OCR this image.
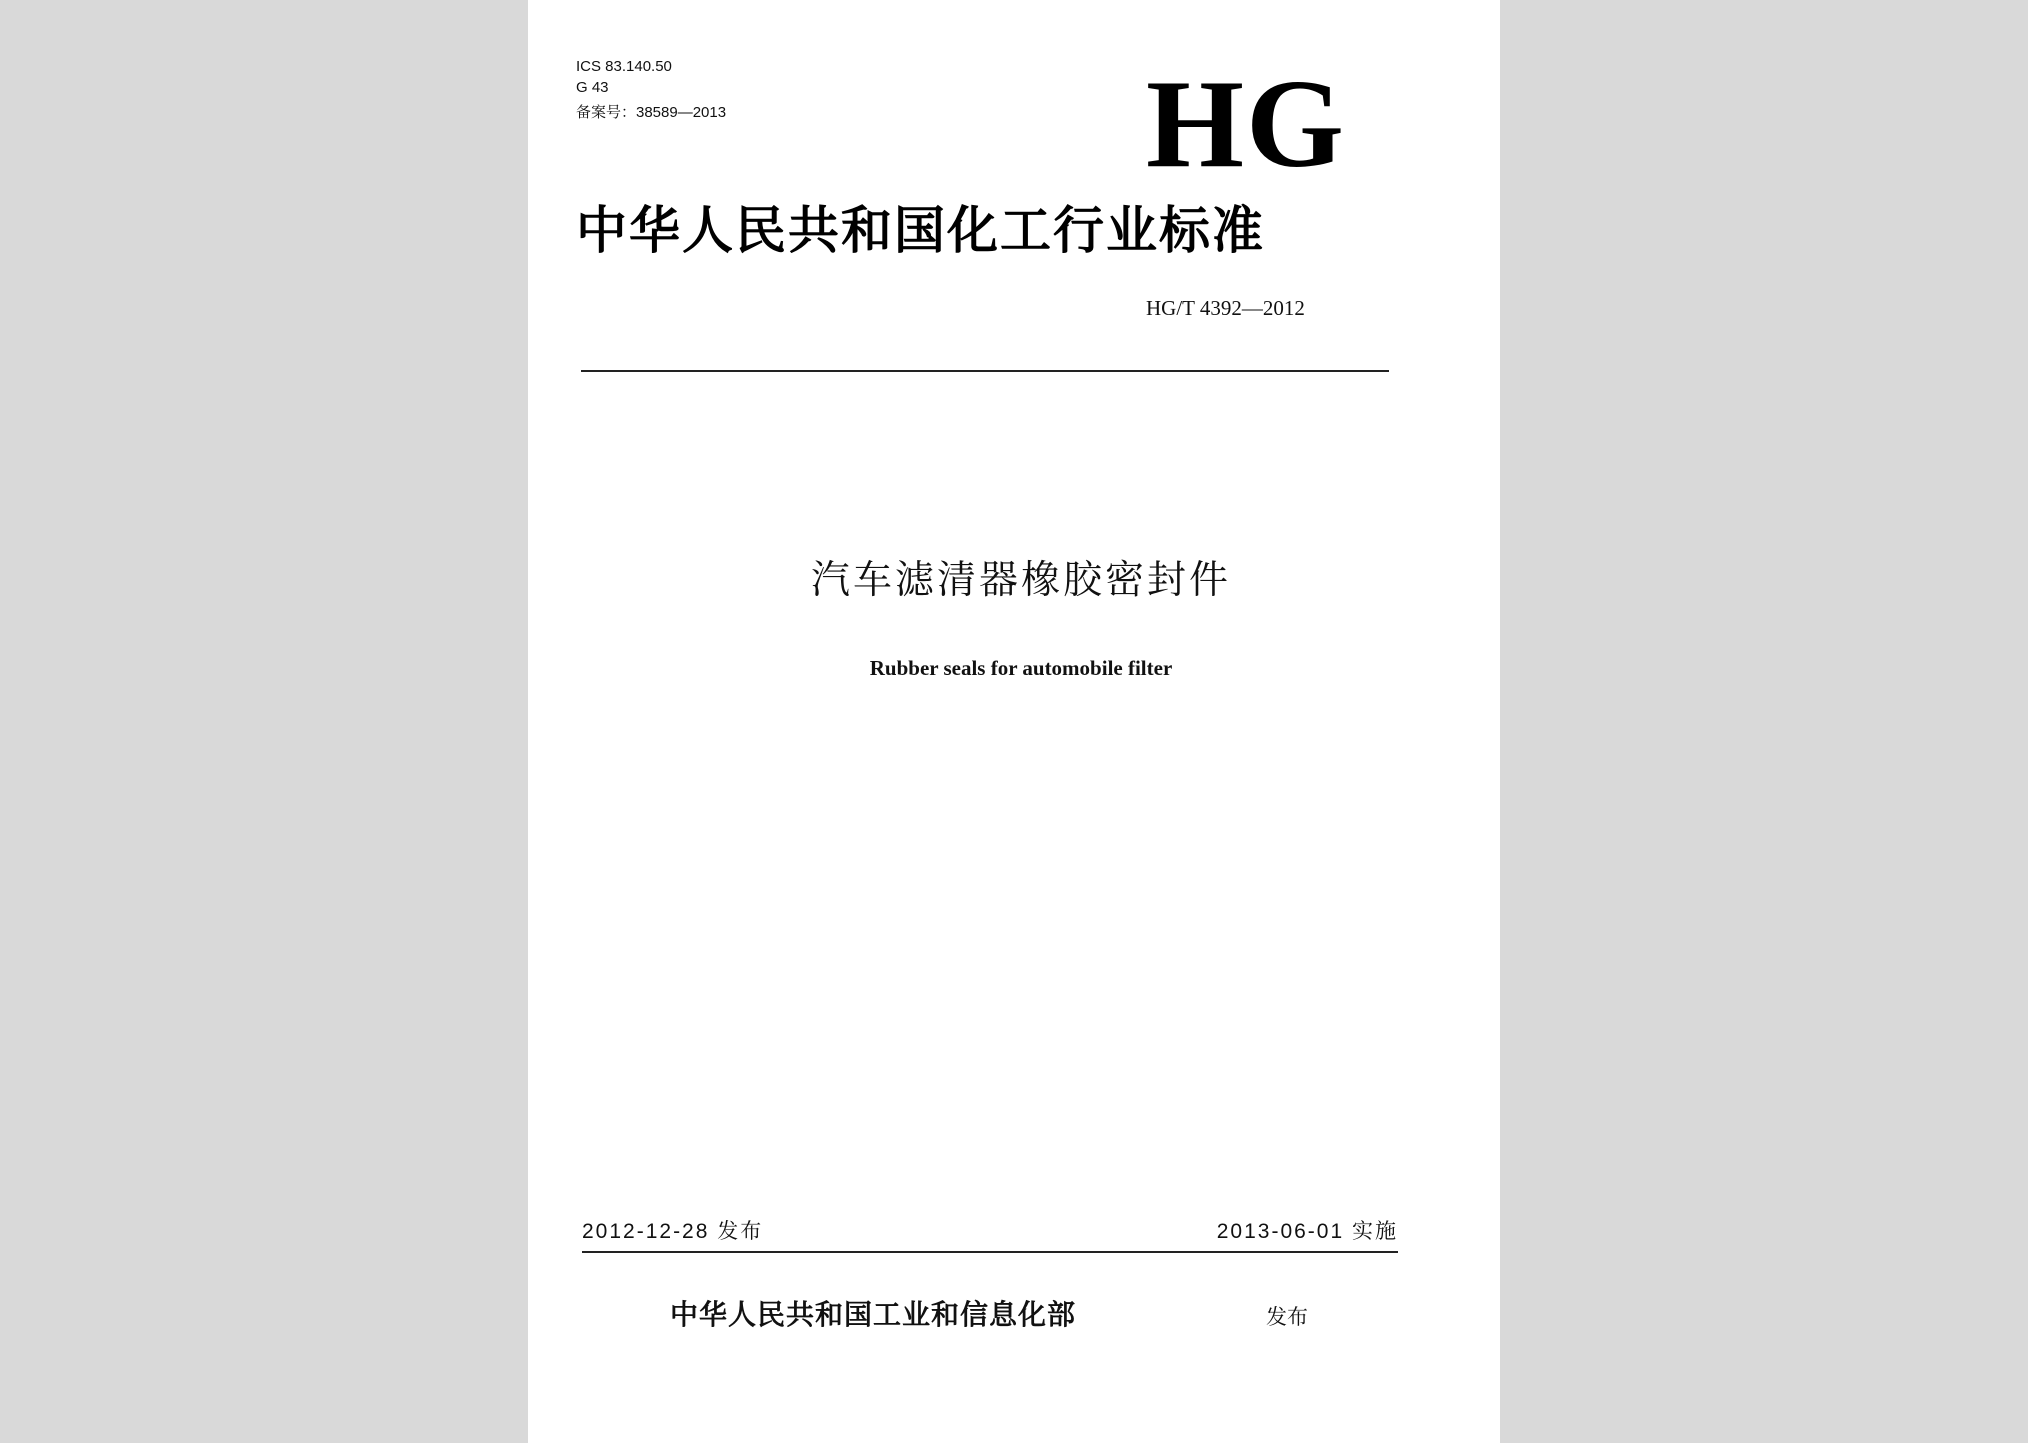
ICS 83.140.50
G 43
备案号：38589—2013	HG
中华人民共和国化工行业标准
HG/T 4392—2012
汽车滤清器橡胶密封件
Rubber seals for automobile filter
2012-12-28 发布	2013-06-01 实施
中华人民共和国工业和信息化部	发布
